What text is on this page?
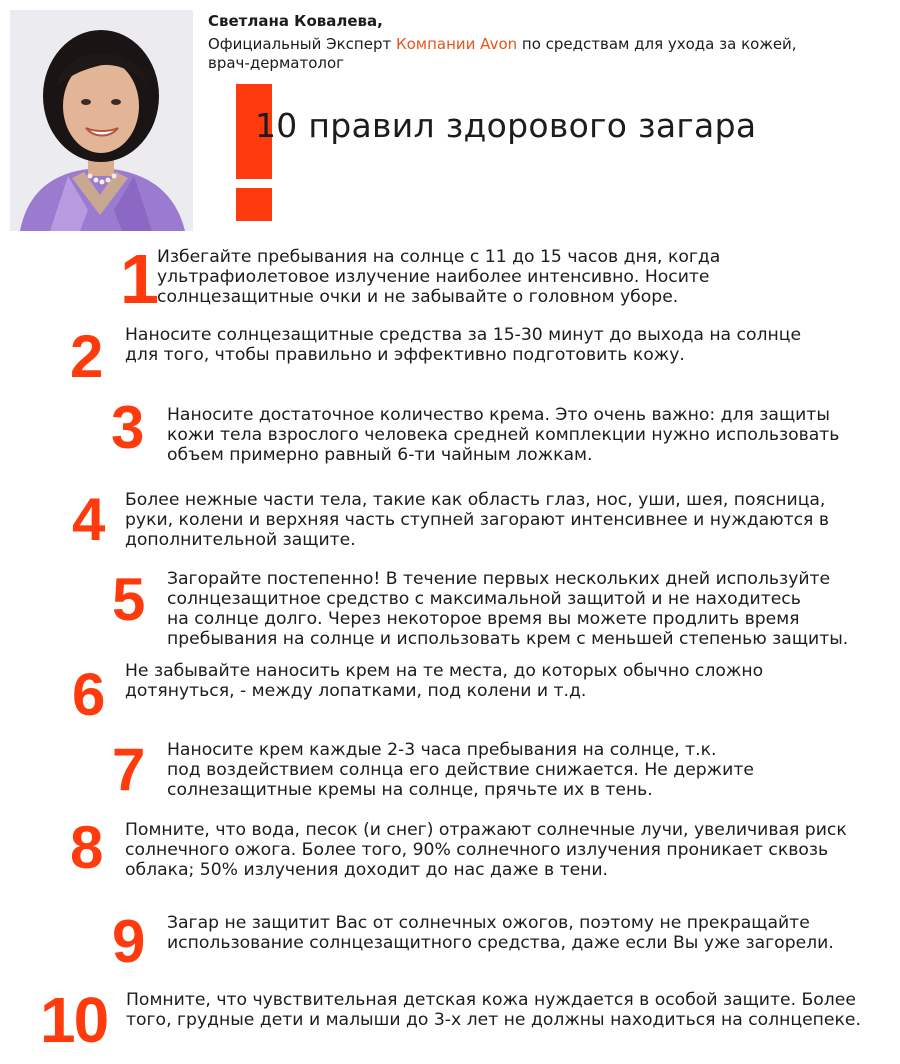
Светлана Ковалева,
Официальный Эксперт Компании Avon по средствам для ухода за кожей,
врач-дерматолог
10 правил здорового загара
1
Избегайте пребывания на солнце с 11 до 15 часов дня, когда
ультрафиолетовое излучение наиболее интенсивно. Носите
солнцезащитные очки и не забывайте о головном уборе.
2 Наносите солнцезащитные средства за 15-30 минут до выхода на солнце
для того, чтобы правильно и эффективно подготовить кожу.
3 Наносите достаточное количество крема. Это очень важно: для защиты
кожи тела взрослого человека средней комплекции нужно использовать
объем примерно равный 6-ти чайным ложкам.
4 Более нежные части тела, такие как область глаз, нос, уши, шея, поясница,
руки, колени и верхняя часть ступней загорают интенсивнее и нуждаются в
дополнительной защите.
5 Загорайте постепенно! В течение первых нескольких дней используйте
солнцезащитное средство с максимальной защитой и не находитесь
на солнце долго. Через некоторое время вы можете продлить время
пребывания на солнце и использовать крем с меньшей степенью защиты.
6 Не забывайте наносить крем на те места, до которых обычно сложно
дотянуться, - между лопатками, под колени и т.д.
7 Наносите крем каждые 2-3 часа пребывания на солнце, т.к.
под воздействием солнца его действие снижается. Не держите
солнезащитные кремы на солнце, прячьте их в тень.
8 Помните, что вода, песок (и снег) отражают солнечные лучи, увеличивая риск
солнечного ожога. Более того, 90% солнечного излучения проникает сквозь
облака; 50% излучения доходит до нас даже в тени.
9 Загар не защитит Вас от солнечных ожогов, поэтому не прекращайте
использование солнцезащитного средства, даже если Вы уже загорели.
10 Помните, что чувствительная детская кожа нуждается в особой защите. Более
того, грудные дети и малыши до 3-х лет не должны находиться на солнцепеке.
